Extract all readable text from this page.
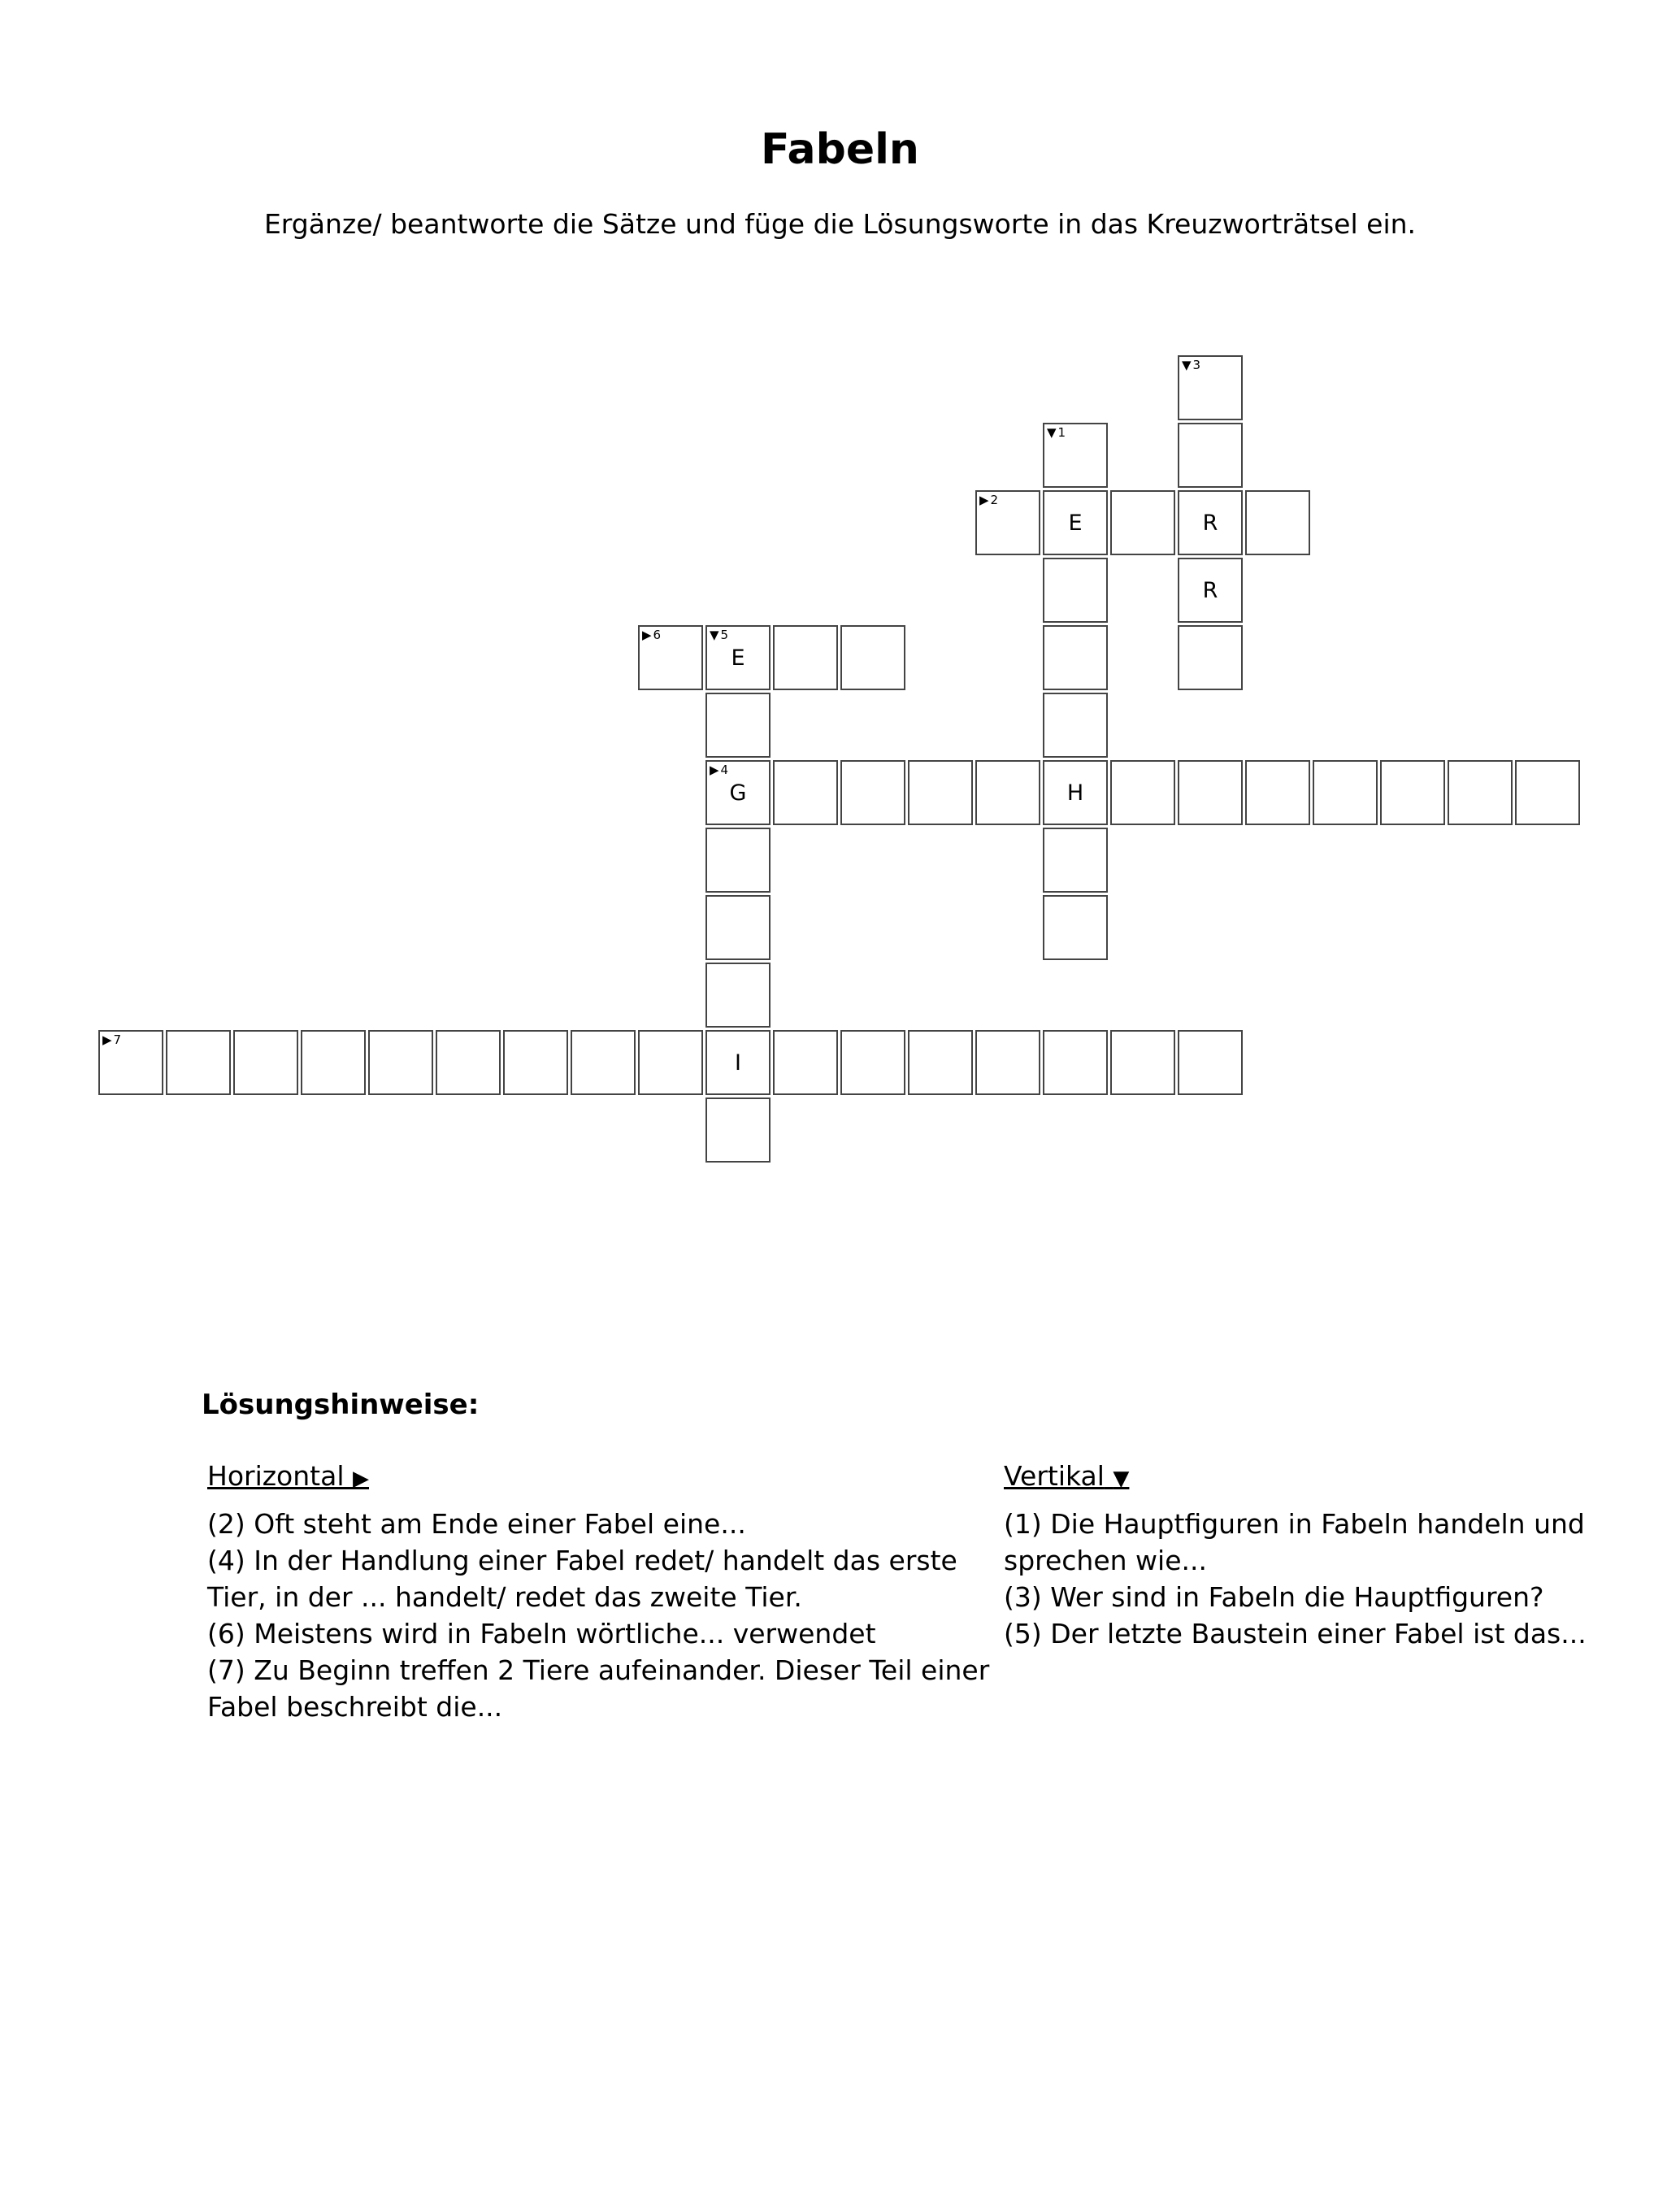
Fabeln
Ergänze/ beantworte die Sätze und füge die Lösungsworte in das Kreuzworträtsel ein.
▼ 1
E
H
▶ 2
R
▼ 3
R
▶ 4
G
▼ 5
E
I
▶ 6
▶ 7
Lösungshinweise:
Horizontal ▶

(2) Oft steht am Ende einer Fabel eine...

(4) In der Handlung einer Fabel redet/ handelt das erste Tier, in der ... handelt/ redet das zweite Tier.

(6) Meistens wird in Fabeln wörtliche... verwendet

(7) Zu Beginn treffen 2 Tiere aufeinander. Dieser Teil einer Fabel beschreibt die...

Vertikal ▼

(1) Die Hauptfiguren in Fabeln handeln und sprechen wie...

(3) Wer sind in Fabeln die Hauptfiguren?

(5) Der letzte Baustein einer Fabel ist das...
